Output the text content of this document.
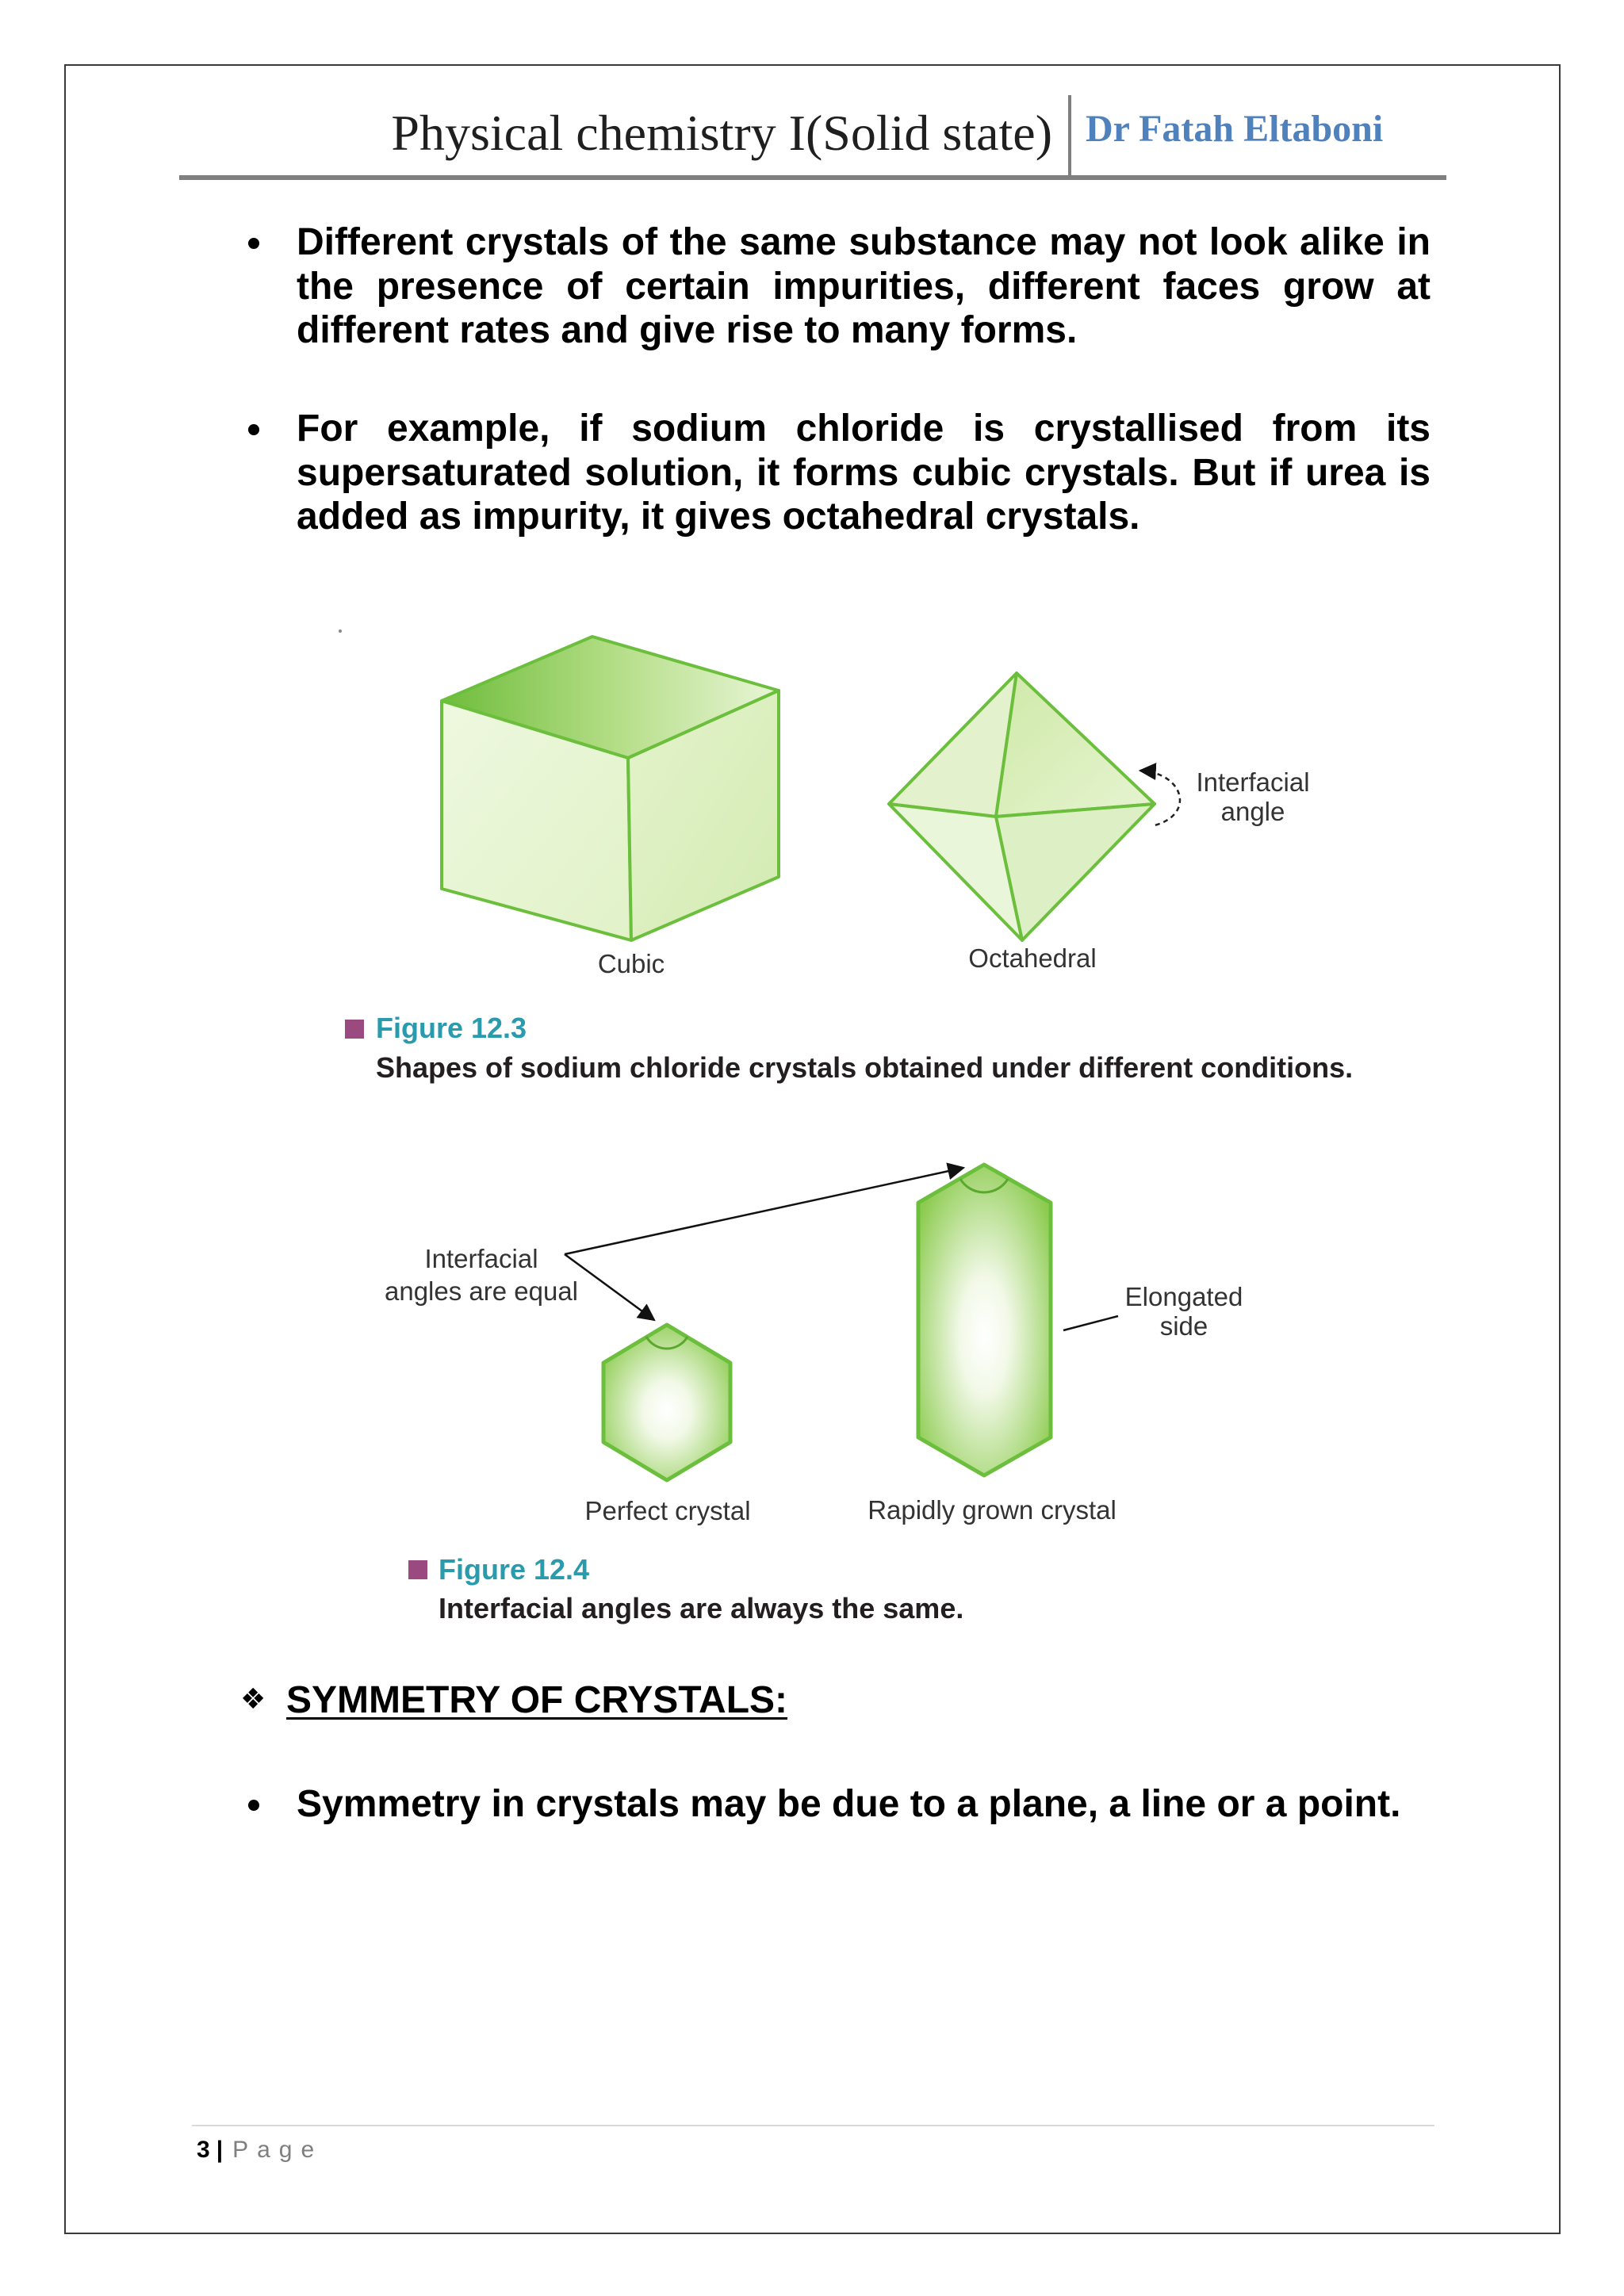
Physical chemistry I(Solid state) Dr Fatah Eltaboni
Different crystals of the same substance may not look alike in
the presence of certain impurities, different faces grow at
different rates and give rise to many forms.
For example, if sodium chloride is crystallised from its
supersaturated solution, it forms cubic crystals. But if urea is
added as impurity, it gives octahedral crystals.
Cubic
Interfacial
angle
Octahedral
Interfacial
angles are equal	Elongated
side
Perfect crystal	Rapidly grown crystal
Figure 12.3
Shapes of sodium chloride crystals obtained under different conditions.
Figure 12.4
Interfacial angles are always the same.
❖ SYMMETRY OF CRYSTALS:
Symmetry in crystals may be due to a plane, a line or a point.
3 | Page
